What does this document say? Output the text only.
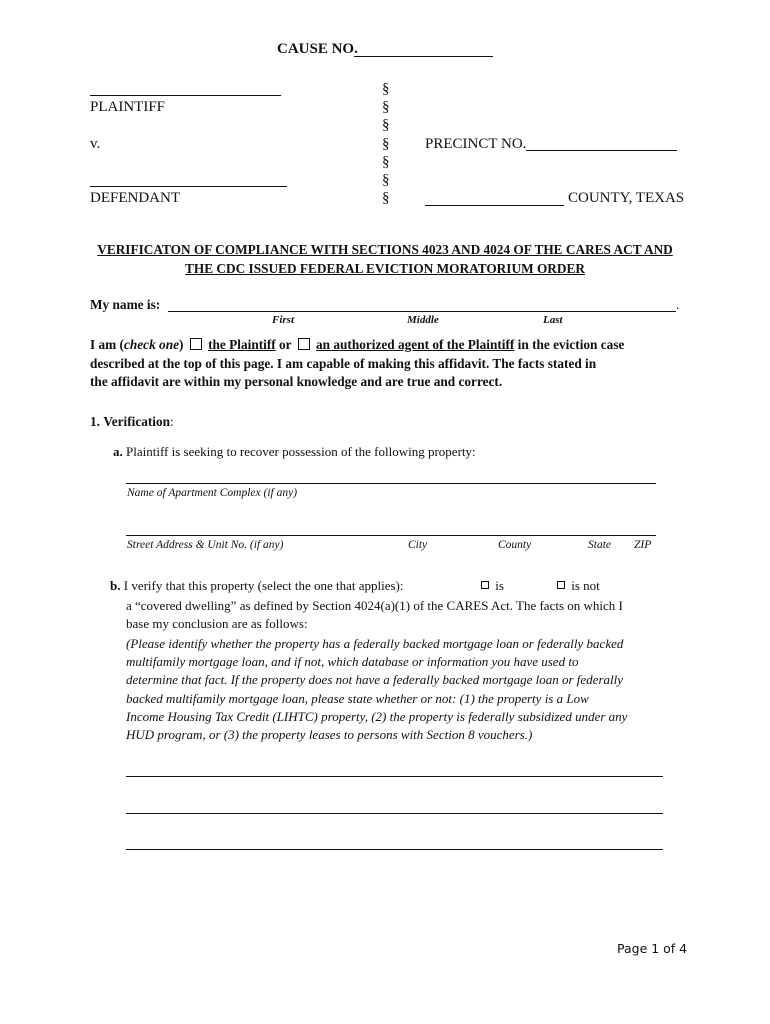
CAUSE NO.
PLAINTIFF
v.
DEFENDANT
§
§
§
§
§
§
§
PRECINCT NO.
COUNTY, TEXAS
VERIFICATON OF COMPLIANCE WITH SECTIONS 4023 AND 4024 OF THE CARES ACT AND
THE CDC ISSUED FEDERAL EVICTION MORATORIUM ORDER
My name is:	.
First	Middle	Last
I am (check one) the Plaintiff or an authorized agent of the Plaintiff in the eviction case
described at the top of this page. I am capable of making this affidavit. The facts stated in
the affidavit are within my personal knowledge and are true and correct.
1. Verification:
a. Plaintiff is seeking to recover possession of the following property:
Name of Apartment Complex (if any)
Street Address & Unit No. (if any)	City	County	State ZIP
b. I verify that this property (select the one that applies):	is	is not
a “covered dwelling” as defined by Section 4024(a)(1) of the CARES Act. The facts on which I
base my conclusion are as follows:
(Please identify whether the property has a federally backed mortgage loan or federally backed
multifamily mortgage loan, and if not, which database or information you have used to
determine that fact. If the property does not have a federally backed mortgage loan or federally
backed multifamily mortgage loan, please state whether or not: (1) the property is a Low
Income Housing Tax Credit (LIHTC) property, (2) the property is federally subsidized under any
HUD program, or (3) the property leases to persons with Section 8 vouchers.)
Page 1 of 4
